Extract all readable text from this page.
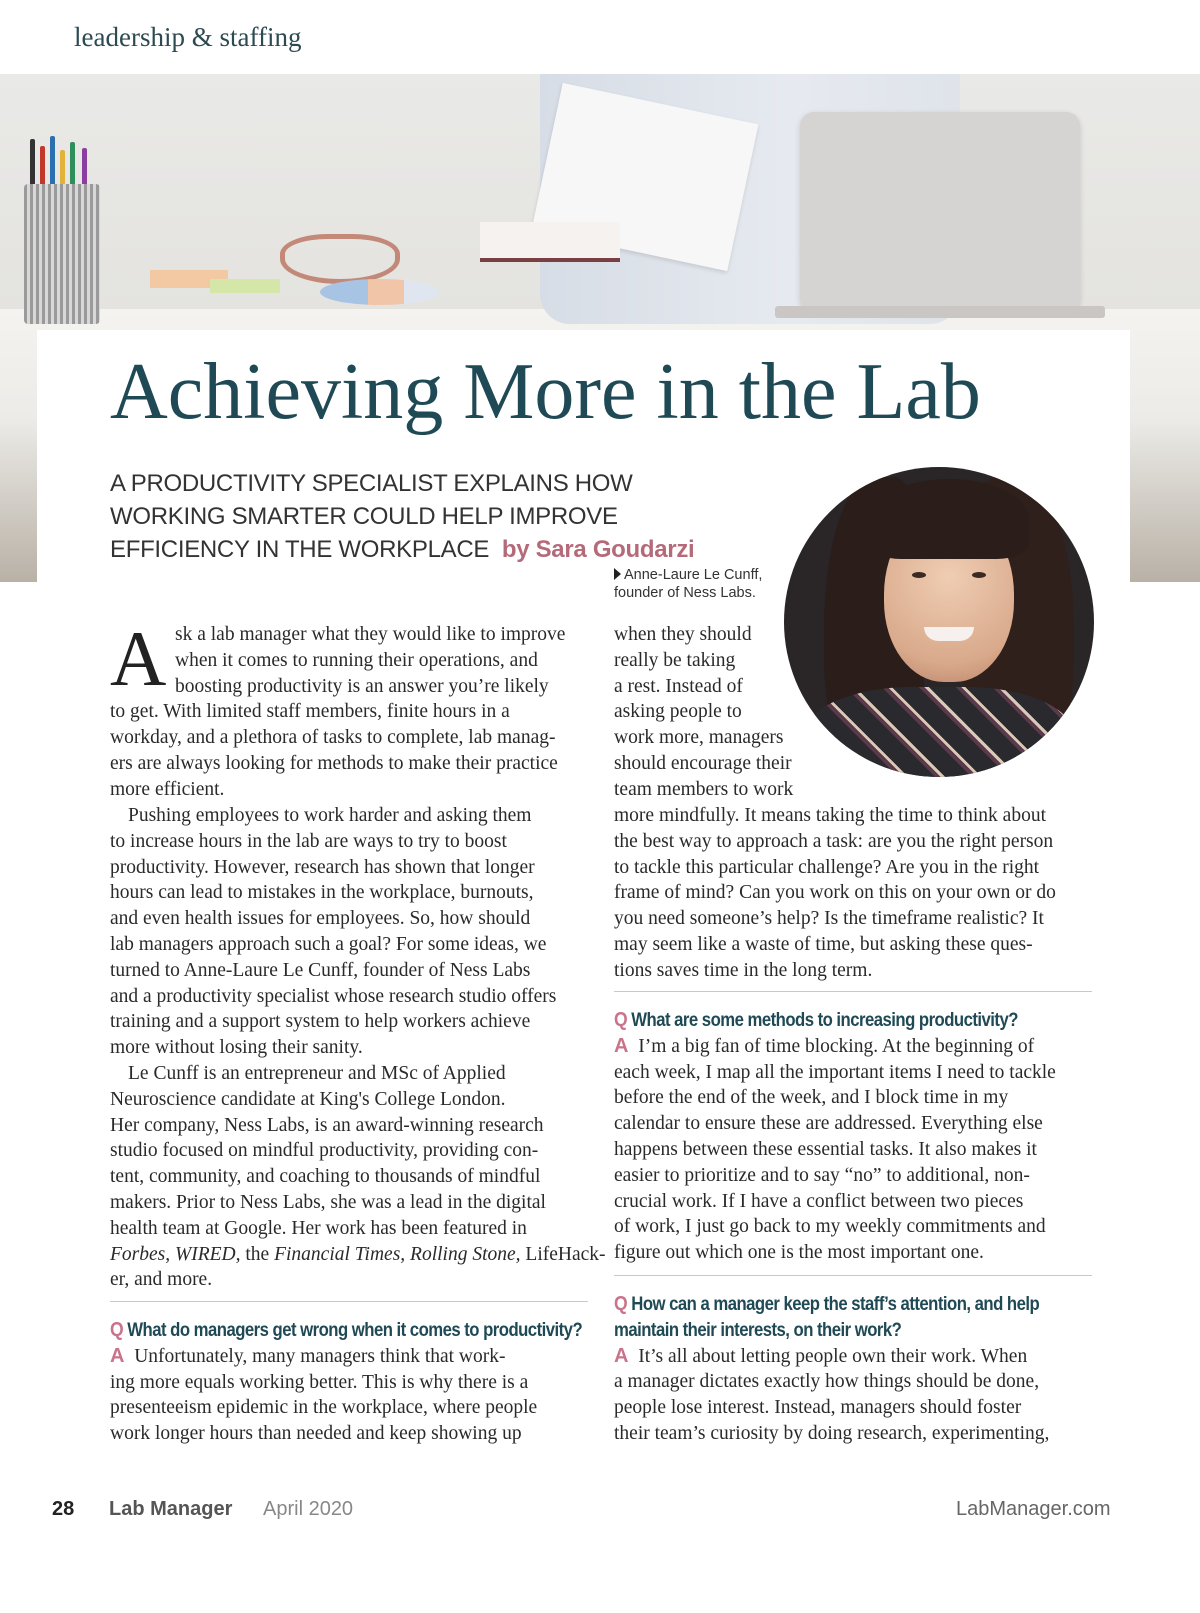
leadership & staffing
Achieving More in the Lab
A PRODUCTIVITY SPECIALIST EXPLAINS HOW WORKING SMARTER COULD HELP IMPROVE EFFICIENCY IN THE WORKPLACE by Sara Goudarzi
Anne-Laure Le Cunff, founder of Ness Labs.
A sk a lab manager what they would like to improve
when it comes to running their operations, and
boosting productivity is an answer you’re likely
to get. With limited staff members, finite hours in a
workday, and a plethora of tasks to complete, lab manag-
ers are always looking for methods to make their practice
more efficient.
Pushing employees to work harder and asking them
to increase hours in the lab are ways to try to boost
productivity. However, research has shown that longer
hours can lead to mistakes in the workplace, burnouts,
and even health issues for employees. So, how should
lab managers approach such a goal? For some ideas, we
turned to Anne-Laure Le Cunff, founder of Ness Labs
and a productivity specialist whose research studio offers
training and a support system to help workers achieve
more without losing their sanity.
Le Cunff is an entrepreneur and MSc of Applied
Neuroscience candidate at King's College London.
Her company, Ness Labs, is an award-winning research
studio focused on mindful productivity, providing con-
tent, community, and coaching to thousands of mindful
makers. Prior to Ness Labs, she was a lead in the digital
health team at Google. Her work has been featured in
Forbes, WIRED, the Financial Times, Rolling Stone, LifeHack-
er, and more.
Q What do managers get wrong when it comes to productivity?
A Unfortunately, many managers think that work-
ing more equals working better. This is why there is a
presenteeism epidemic in the workplace, where people
work longer hours than needed and keep showing up
when they should
really be taking
a rest. Instead of
asking people to
work more, managers
should encourage their
team members to work
more mindfully. It means taking the time to think about
the best way to approach a task: are you the right person
to tackle this particular challenge? Are you in the right
frame of mind? Can you work on this on your own or do
you need someone’s help? Is the timeframe realistic? It
may seem like a waste of time, but asking these ques-
tions saves time in the long term.
Q What are some methods to increasing productivity?
A I’m a big fan of time blocking. At the beginning of
each week, I map all the important items I need to tackle
before the end of the week, and I block time in my
calendar to ensure these are addressed. Everything else
happens between these essential tasks. It also makes it
easier to prioritize and to say “no” to additional, non-
crucial work. If I have a conflict between two pieces
of work, I just go back to my weekly commitments and
figure out which one is the most important one.
Q How can a manager keep the staff’s attention, and help
maintain their interests, on their work?
A It’s all about letting people own their work. When
a manager dictates exactly how things should be done,
people lose interest. Instead, managers should foster
their team’s curiosity by doing research, experimenting,
28 Lab Manager April 2020	LabManager.com
